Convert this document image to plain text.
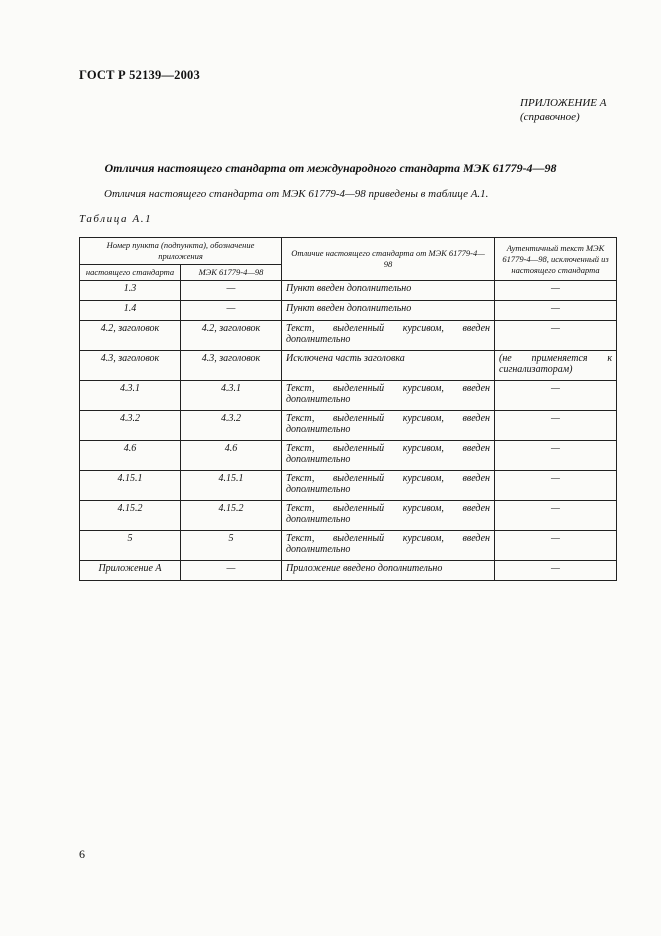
ГОСТ Р 52139—2003
ПРИЛОЖЕНИЕ А
(справочное)
Отличия настоящего стандарта от международного стандарта МЭК 61779-4—98
Отличия настоящего стандарта от МЭК 61779-4—98 приведены в таблице А.1.
Таблица А.1
Номер пункта (подпункта), обозначение приложения		Отличие настоящего стандарта от МЭК 61779-4— 98	Аутентичный текст МЭК 61779-4—98, исключенный из настоящего стандарта
настоящего стандарта	МЭК 61779-4—98		
1.3	—	Пункт введен дополнительно	—
1.4	—	Пункт введен дополнительно	—
4.2, заголовок	4.2, заголовок	Текст, выделенный курсивом, введен дополнительно	—
4.3, заголовок	4.3, заголовок	Исключена часть заголовка	(не применяется к сигнализаторам)
4.3.1	4.3.1	Текст, выделенный курсивом, введен дополнительно	—
4.3.2	4.3.2	Текст, выделенный курсивом, введен дополнительно	—
4.6	4.6	Текст, выделенный курсивом, введен дополнительно	—
4.15.1	4.15.1	Текст, выделенный курсивом, введен дополнительно	—
4.15.2	4.15.2	Текст, выделенный курсивом, введен дополнительно	—
5	5	Текст, выделенный курсивом, введен дополнительно	—
Приложение А	—	Приложение введено дополнительно	—
6
